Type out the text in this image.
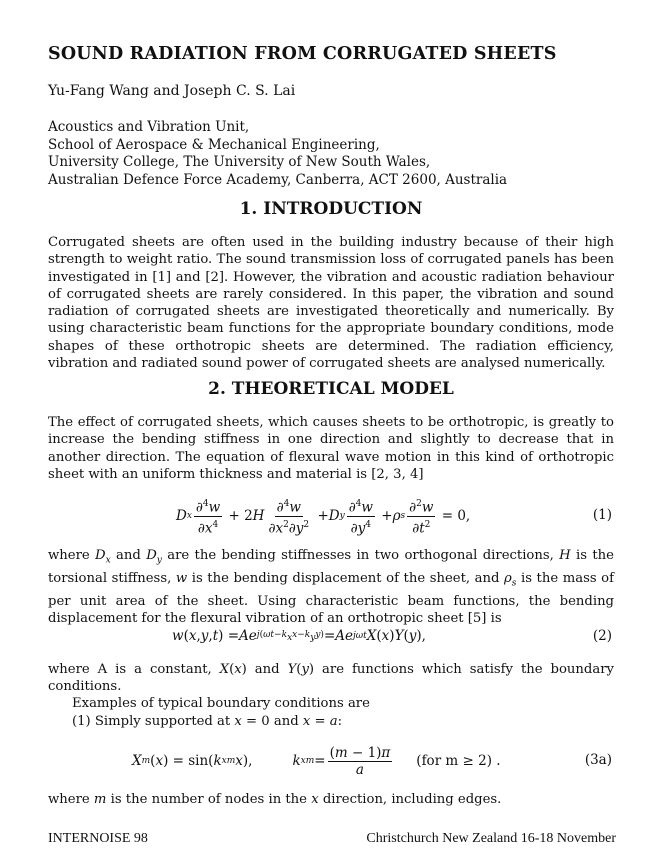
SOUND RADIATION FROM CORRUGATED SHEETS
Yu-Fang Wang and Joseph C. S. Lai
Acoustics and Vibration Unit,
School of Aerospace & Mechanical Engineering,
University College, The University of New South Wales,
Australian Defence Force Academy, Canberra, ACT 2600, Australia
1. INTRODUCTION
Corrugated sheets are often used in the building industry because of their high strength to weight ratio. The sound transmission loss of corrugated panels has been investigated in [1] and [2]. However, the vibration and acoustic radiation behaviour of corrugated sheets are rarely considered. In this paper, the vibration and sound radiation of corrugated sheets are investigated theoretically and numerically. By using characteristic beam functions for the appropriate boundary conditions, mode shapes of these orthotropic sheets are determined. The radiation efficiency, vibration and radiated sound power of corrugated sheets are analysed numerically.
2. THEORETICAL MODEL
The effect of corrugated sheets, which causes sheets to be orthotropic, is greatly to increase the bending stiffness in one direction and slightly to decrease that in another direction. The equation of flexural wave motion in this kind of orthotropic sheet with an uniform thickness and material is [2, 3, 4]
D x $\frac{\partial^4w}{\partial x^4} + 2$ H $\frac{\partial^4w}{\partial x^2\partial y^2} + D$ y $\frac{\partial^4w}{\partial y^4} + \rho$ s $\frac{\partial^2w}{\partial t^2} = 0$,	(1)
where $D_x$ and $D_y$ are the bending stiffnesses in two orthogonal directions, H is the torsional stiffness, w is the bending displacement of the sheet, and $\rho_s$ is the mass of per unit area of the sheet. Using characteristic beam functions, the bending displacement for the flexural vibration of an orthotropic sheet [5] is
w ( x , y , t ) = Ae $j(\omega t-k_xx-k_yy) = Ae$ jωt X ( x ) Y ( y ),	(2)
where A is a constant, X(x) and Y(y) are functions which satisfy the boundary conditions.
Examples of typical boundary conditions are
(1) Simply supported at x = 0 and x = a:
X m ( x ) = sin( k xm x ),	k xm = $\frac{(m - 1)\pi}{a} (for$ m ≥ 2) .	(3a)
where m is the number of nodes in the x direction, including edges.
INTERNOISE 98	Christchurch New Zealand 16-18 November
